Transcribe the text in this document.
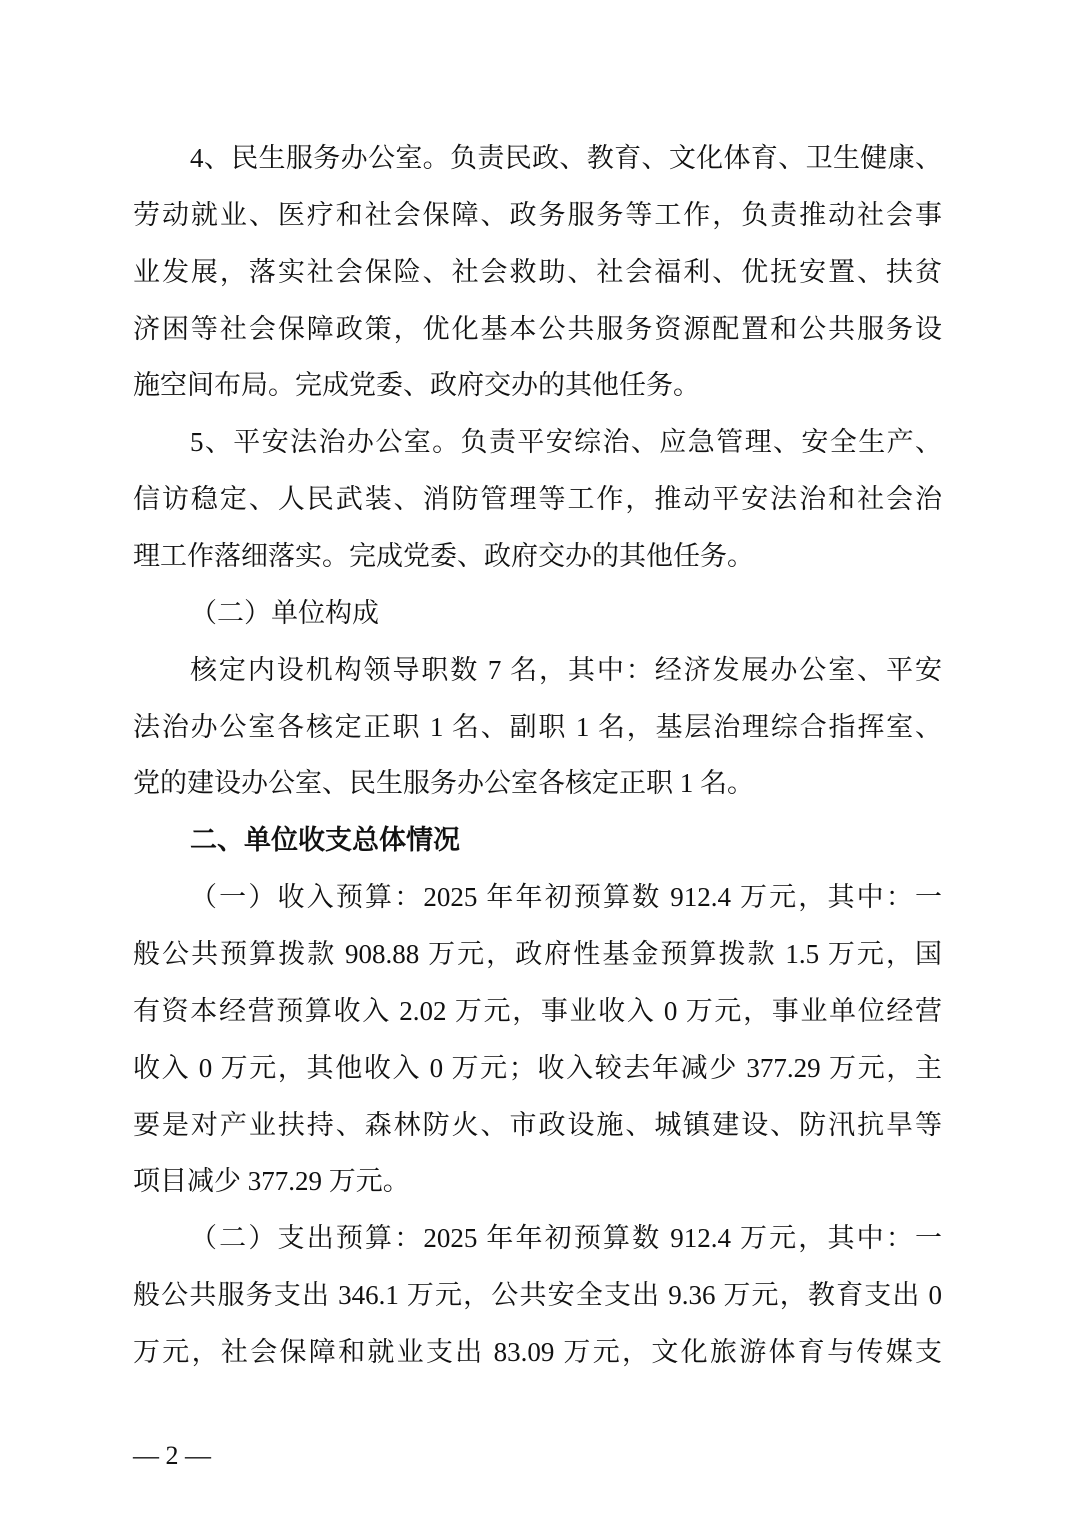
4、民生服务办公室。负责民政、教育、文化体育、卫生健康、
劳动就业、医疗和社会保障、政务服务等工作，负责推动社会事
业发展，落实社会保险、社会救助、社会福利、优抚安置、扶贫
济困等社会保障政策，优化基本公共服务资源配置和公共服务设
施空间布局。完成党委、政府交办的其他任务。
5、平安法治办公室。负责平安综治、应急管理、安全生产、
信访稳定、人民武装、消防管理等工作，推动平安法治和社会治
理工作落细落实。完成党委、政府交办的其他任务。
（二）单位构成
核定内设机构领导职数 7 名，其中：经济发展办公室、平安
法治办公室各核定正职 1 名、副职 1 名，基层治理综合指挥室、
党的建设办公室、民生服务办公室各核定正职 1 名。
二、单位收支总体情况
（一）收入预算：2025 年年初预算数 912.4 万元，其中：一
般公共预算拨款 908.88 万元，政府性基金预算拨款 1.5 万元，国
有资本经营预算收入 2.02 万元，事业收入 0 万元，事业单位经营
收入 0 万元，其他收入 0 万元；收入较去年减少 377.29 万元，主
要是对产业扶持、森林防火、市政设施、城镇建设、防汛抗旱等
项目减少 377.29 万元。
（二）支出预算：2025 年年初预算数 912.4 万元，其中：一
般公共服务支出 346.1 万元，公共安全支出 9.36 万元，教育支出 0
万元，社会保障和就业支出 83.09 万元，文化旅游体育与传媒支
— 2 —
